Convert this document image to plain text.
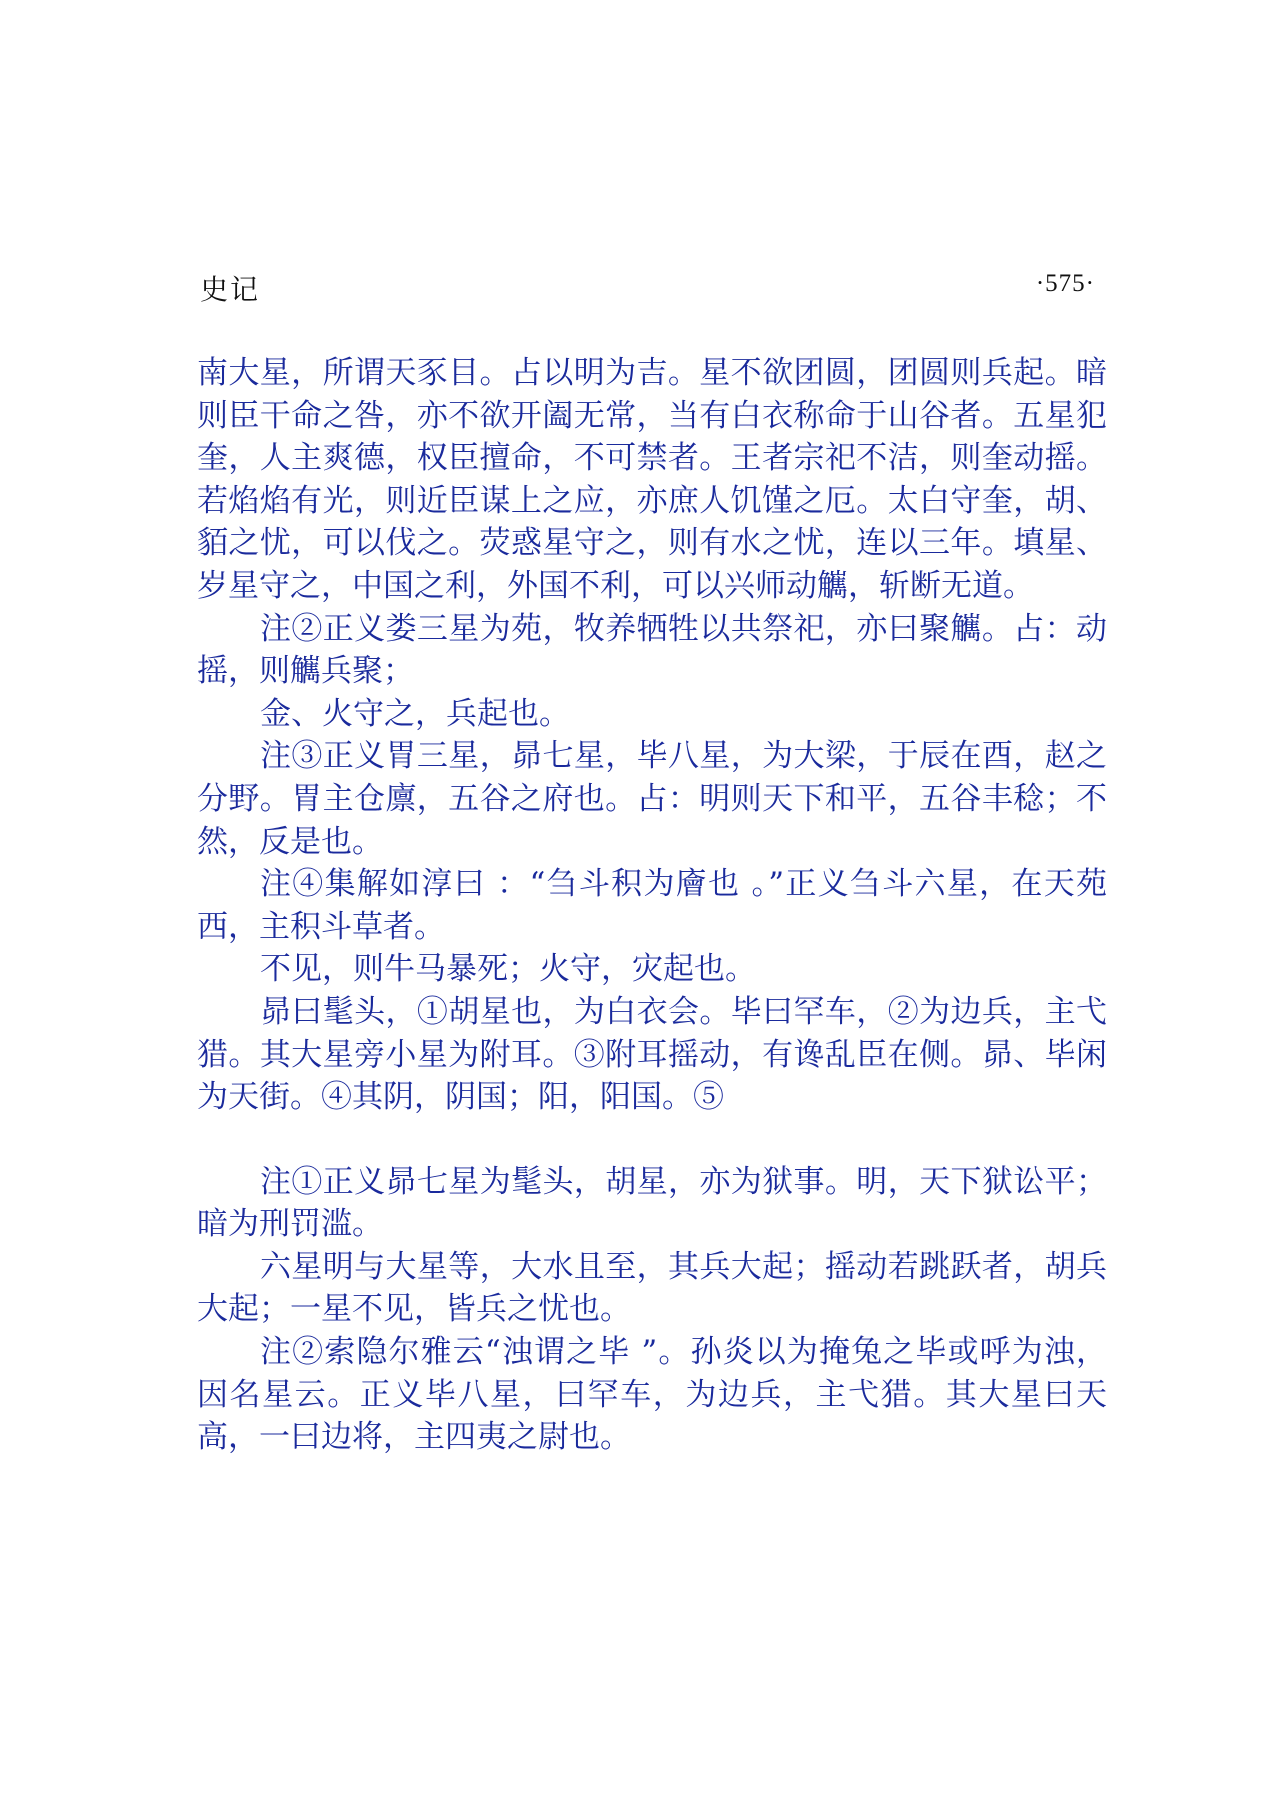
史记	·575·

南大星，所谓天豕目。占以明为吉。星不欲团圆，团圆则兵起。暗则臣干命之咎，亦不欲开阖无常，当有白衣称命于山谷者。五星犯奎，人主爽德，权臣擅命，不可禁者。王者宗祀不洁，则奎动摇。若焰焰有光，则近臣谋上之应，亦庶人饥馑之厄。太白守奎，胡、貊之忧，可以伐之。荧惑星守之，则有水之忧，连以三年。填星、岁星守之，中国之利，外国不利，可以兴师动觽，斩断无道。

注②正义娄三星为苑，牧养牺牲以共祭祀，亦曰聚觽。占：动摇，则觽兵聚；

金、火守之，兵起也。

注③正义胃三星，昴七星，毕八星，为大梁，于辰在酉，赵之分野。胃主仓廪，五谷之府也。占：明则天下和平，五谷丰稔；不然，反是也。

注④集解如淳曰 ：“刍斗积为廥也 。”正义刍斗六星，在天苑西，主积斗草者。

不见，则牛马暴死；火守，灾起也。

昴曰髦头，①胡星也，为白衣会。毕曰罕车，②为边兵，主弋猎。其大星旁小星为附耳。③附耳摇动，有谗乱臣在侧。昴、毕闲为天街。④其阴，阴国；阳，阳国。⑤

注①正义昴七星为髦头，胡星，亦为狱事。明，天下狱讼平；暗为刑罚滥。

六星明与大星等，大水且至，其兵大起；摇动若跳跃者，胡兵大起；一星不见，皆兵之忧也。

注②索隐尔雅云“浊谓之毕 ”。孙炎以为掩兔之毕或呼为浊，因名星云。正义毕八星，曰罕车，为边兵，主弋猎。其大星曰天高，一曰边将，主四夷之尉也。
